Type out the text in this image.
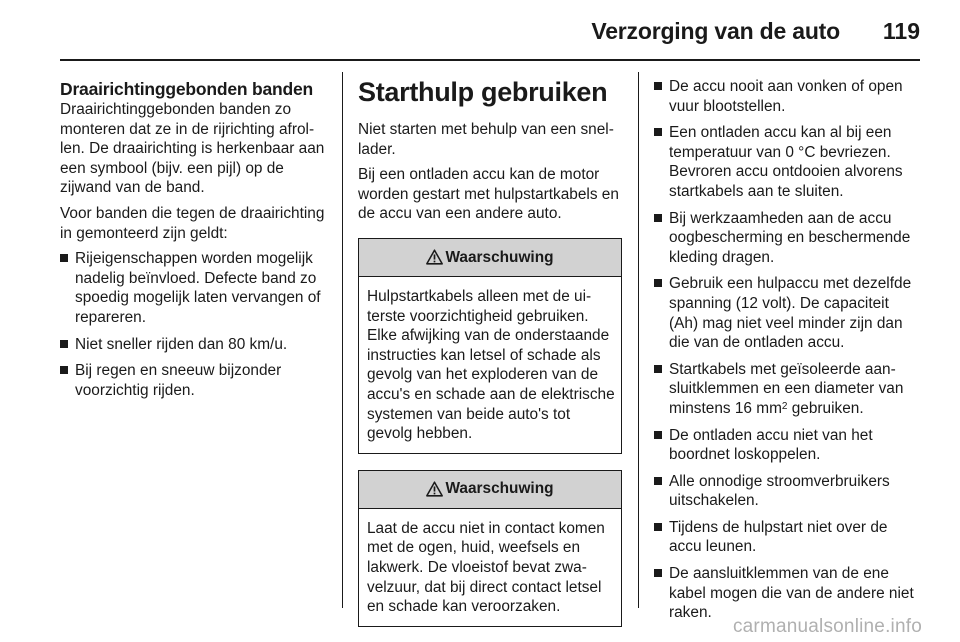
Verzorging van de auto 119
Draairichtinggebonden banden

Draairichtinggebonden banden zo monteren dat ze in de rijrichting afrollen. De draairichting is herkenbaar aan een symbool (bijv. een pijl) op de zijwand van de band.

Voor banden die tegen de draairichting in gemonteerd zijn geldt:

Rijeigenschappen worden mogelijk nadelig beïnvloed. Defecte band zo spoedig mogelijk laten vervangen of repareren.
Niet sneller rijden dan 80 km/u.
Bij regen en sneeuw bijzonder voorzichtig rijden.
Starthulp gebruiken

Niet starten met behulp van een snellader.

Bij een ontladen accu kan de motor worden gestart met hulpstartkabels en de accu van een andere auto.

Waarschuwing
Hulpstartkabels alleen met de uiterste voorzichtigheid gebruiken. Elke afwijking van de onderstaande instructies kan letsel of schade als gevolg van het exploderen van de accu's en schade aan de elektrische systemen van beide auto's tot gevolg hebben.
Waarschuwing
Laat de accu niet in contact komen met de ogen, huid, weefsels en lakwerk. De vloeistof bevat zwavelzuur, dat bij direct contact letsel en schade kan veroorzaken.
De accu nooit aan vonken of open vuur blootstellen.
Een ontladen accu kan al bij een temperatuur van 0 °C bevriezen. Bevroren accu ontdooien alvorens startkabels aan te sluiten.
Bij werkzaamheden aan de accu oogbescherming en beschermende kleding dragen.
Gebruik een hulpaccu met dezelfde spanning (12 volt). De capaciteit (Ah) mag niet veel minder zijn dan die van de ontladen accu.
Startkabels met geïsoleerde aansluitklemmen en een diameter van minstens 16 $mm^2$ gebruiken.
De ontladen accu niet van het boordnet loskoppelen.
Alle onnodige stroomverbruikers uitschakelen.
Tijdens de hulpstart niet over de accu leunen.
De aansluitklemmen van de ene kabel mogen die van de andere niet raken.
carmanualsonline.info
